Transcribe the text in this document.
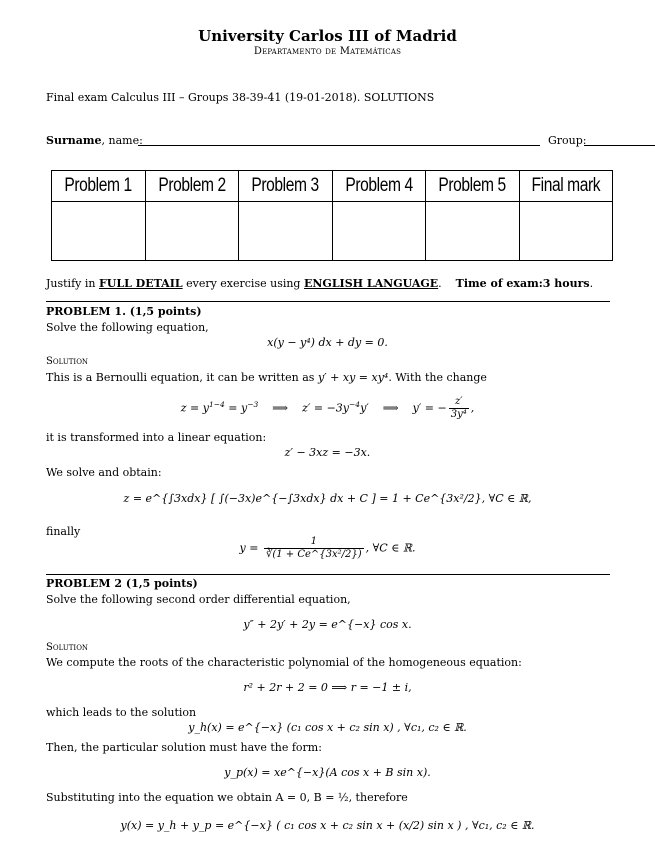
University Carlos III of Madrid
Departamento de Matemáticas
Final exam Calculus III – Groups 38-39-41 (19-01-2018). SOLUTIONS
Surname, name:	Group:
Problem 1	Problem 2	Problem 3	Problem 4	Problem 5	Final mark

Justify in FULL DETAIL every exercise using ENGLISH LANGUAGE. Time of exam:3 hours.
PROBLEM 1. (1,5 points)
Solve the following equation,
x(y − y⁴) dx + dy = 0.
Solution
This is a Bernoulli equation, it can be written as y′ + xy = xy⁴. With the change
$z = y^{1-4} = y^{-3}$ ⟹ $z' = -3y^{-4}y'$ ⟹ y′ = − $\frac{z'}{\text{3y⁴}}$ ,
it is transformed into a linear equation:
z′ − 3xz = −3x.
We solve and obtain:
z = e^{∫3xdx} [ ∫(−3x)e^{−∫3xdx} dx + C ] = 1 + Ce^{3x²/2}, ∀C ∈ ℝ,
finally
$y = \frac{1}{\text{∛(1 + Ce\textasciicircum{}\{3x²/2\})}}$ , ∀C ∈ ℝ.
PROBLEM 2 (1,5 points)
Solve the following second order differential equation,
y″ + 2y′ + 2y = e^{−x} cos x.
Solution
We compute the roots of the characteristic polynomial of the homogeneous equation:
r² + 2r + 2 = 0 ⟹ r = −1 ± i,
which leads to the solution
y_h(x) = e^{−x} (c₁ cos x + c₂ sin x) , ∀c₁, c₂ ∈ ℝ.
Then, the particular solution must have the form:
y_p(x) = xe^{−x}(A cos x + B sin x).
Substituting into the equation we obtain A = 0, B = ½, therefore
y(x) = y_h + y_p = e^{−x} ( c₁ cos x + c₂ sin x + (x/2) sin x ) , ∀c₁, c₂ ∈ ℝ.
